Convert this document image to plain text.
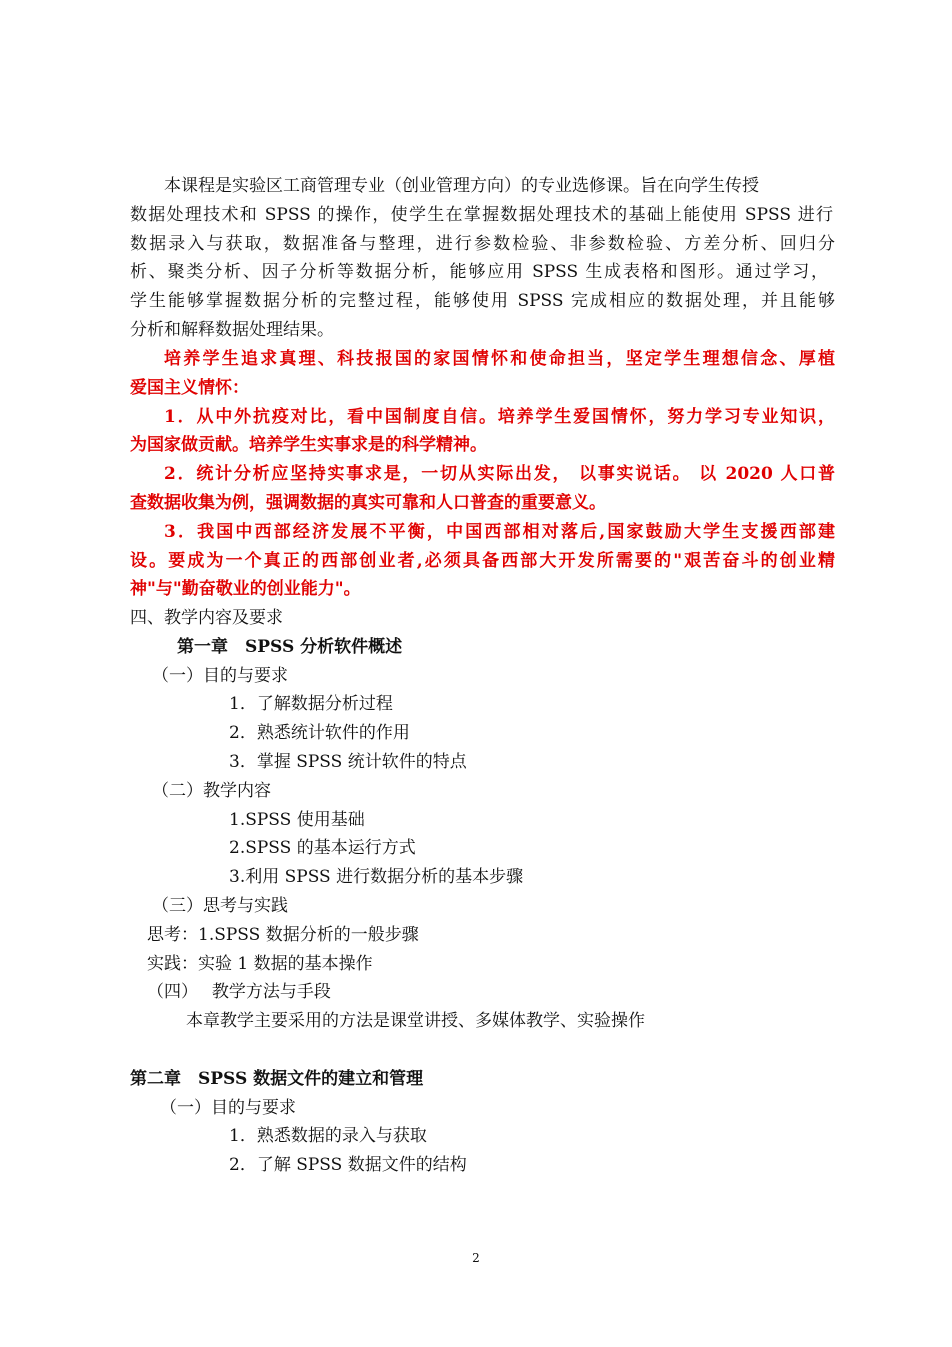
本课程是实验区工商管理专业（创业管理方向）的专业选修课。旨在向学生传授
数据处理技术和 SPSS 的操作，使学生在掌握数据处理技术的基础上能使用 SPSS 进行
数据录入与获取，数据准备与整理，进行参数检验、非参数检验、方差分析、回归分
析、聚类分析、因子分析等数据分析，能够应用 SPSS 生成表格和图形。通过学习，
学生能够掌握数据分析的完整过程，能够使用 SPSS 完成相应的数据处理，并且能够
分析和解释数据处理结果。
培养学生追求真理、科技报国的家国情怀和使命担当，坚定学生理想信念、厚植
爱国主义情怀：
1．从中外抗疫对比，看中国制度自信。培养学生爱国情怀，努力学习专业知识，
为国家做贡献。培养学生实事求是的科学精神。
2．统计分析应坚持实事求是，一切从实际出发， 以事实说话。 以 2020 人口普
查数据收集为例，强调数据的真实可靠和人口普查的重要意义。
3．我国中西部经济发展不平衡，中国西部相对落后,国家鼓励大学生支援西部建
设。要成为一个真正的西部创业者,必须具备西部大开发所需要的"艰苦奋斗的创业精
神"与"勤奋敬业的创业能力"。
四、教学内容及要求
第一章　SPSS 分析软件概述
（一）目的与要求
1．了解数据分析过程
2．熟悉统计软件的作用
3．掌握 SPSS 统计软件的特点
（二）教学内容
1.SPSS 使用基础
2.SPSS 的基本运行方式
3.利用 SPSS 进行数据分析的基本步骤
（三）思考与实践
思考：1.SPSS 数据分析的一般步骤
实践：实验 1 数据的基本操作
（四）　 教学方法与手段
本章教学主要采用的方法是课堂讲授、多媒体教学、实验操作
第二章　SPSS 数据文件的建立和管理
（一）目的与要求
1．熟悉数据的录入与获取
2．了解 SPSS 数据文件的结构
2
